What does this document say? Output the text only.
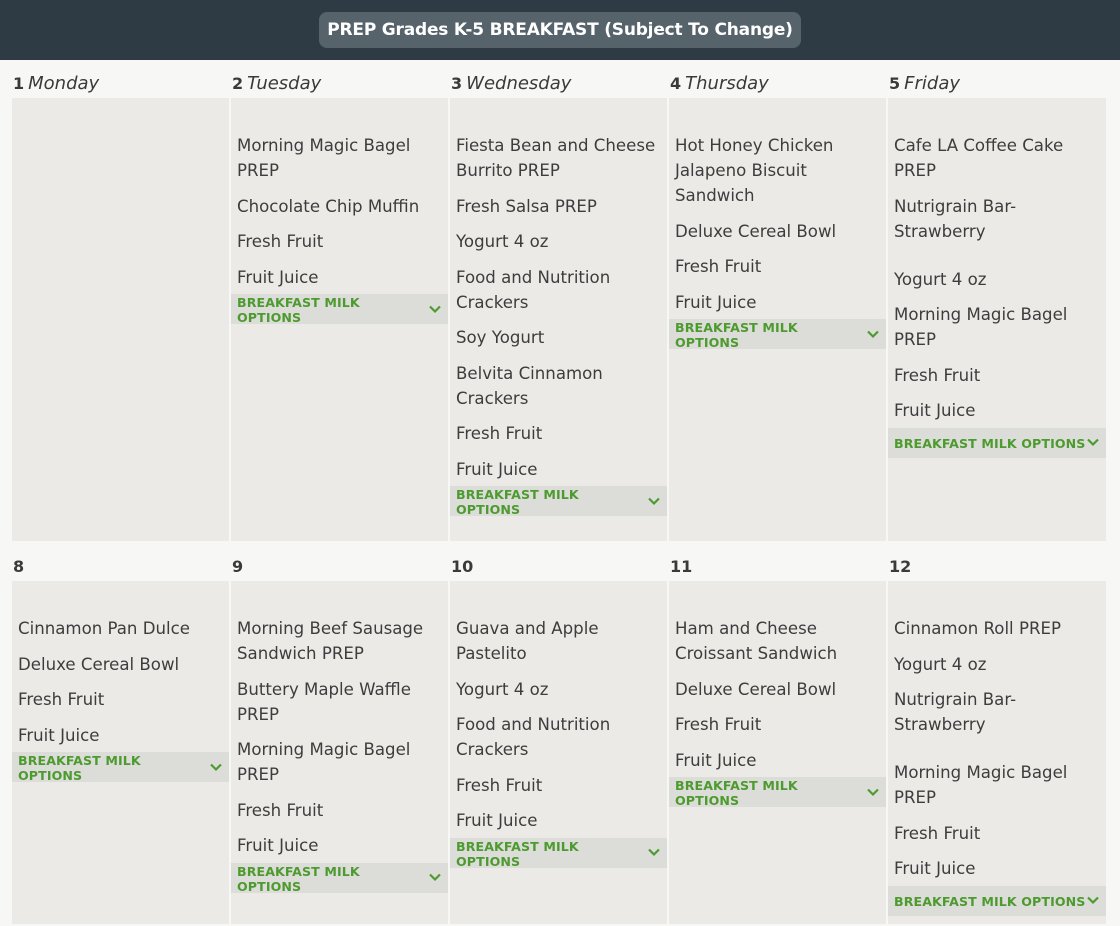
PREP Grades K-5 BREAKFAST (Subject To Change)
1 Monday	2 Tuesday
Morning Magic Bagel PREP
Chocolate Chip Muffin
Fresh Fruit
Fruit Juice
BREAKFAST MILK OPTIONS
3 Wednesday
Fiesta Bean and Cheese Burrito PREP
Fresh Salsa PREP
Yogurt 4 oz
Food and Nutrition Crackers
Soy Yogurt
Belvita Cinnamon Crackers
Fresh Fruit
Fruit Juice
BREAKFAST MILK OPTIONS
4 Thursday
Hot Honey Chicken Jalapeno Biscuit Sandwich
Deluxe Cereal Bowl
Fresh Fruit
Fruit Juice
BREAKFAST MILK OPTIONS
5 Friday
Cafe LA Coffee Cake PREP
Nutrigrain Bar-Strawberry
Yogurt 4 oz
Morning Magic Bagel PREP
Fresh Fruit
Fruit Juice
BREAKFAST MILK OPTIONS
8
Cinnamon Pan Dulce
Deluxe Cereal Bowl
Fresh Fruit
Fruit Juice
BREAKFAST MILK OPTIONS
9
Morning Beef Sausage Sandwich PREP
Buttery Maple Waffle PREP
Morning Magic Bagel PREP
Fresh Fruit
Fruit Juice
BREAKFAST MILK OPTIONS
10
Guava and Apple Pastelito
Yogurt 4 oz
Food and Nutrition Crackers
Fresh Fruit
Fruit Juice
BREAKFAST MILK OPTIONS
11
Ham and Cheese Croissant Sandwich
Deluxe Cereal Bowl
Fresh Fruit
Fruit Juice
BREAKFAST MILK OPTIONS
12
Cinnamon Roll PREP
Yogurt 4 oz
Nutrigrain Bar-Strawberry
Morning Magic Bagel PREP
Fresh Fruit
Fruit Juice
BREAKFAST MILK OPTIONS
